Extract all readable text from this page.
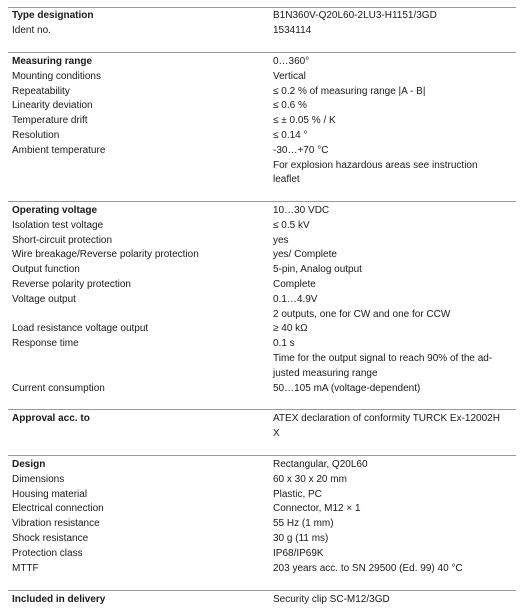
Type designation	B1N360V-Q20L60-2LU3-H1151/3GD
Ident no.	1534114
Measuring range	0…360°
Mounting conditions	Vertical
Repeatability	≤ 0.2 % of measuring range |A - B|
Linearity deviation	≤ 0.6 %
Temperature drift	≤ ± 0.05 % / K
Resolution	≤ 0.14 °
Ambient temperature	-30…+70 °C
For explosion hazardous areas see instruction
leaflet
Operating voltage	10…30 VDC
Isolation test voltage	≤ 0.5 kV
Short-circuit protection	yes
Wire breakage/Reverse polarity protection	yes/ Complete
Output function	5-pin, Analog output
Reverse polarity protection	Complete
Voltage output	0.1…4.9V
2 outputs, one for CW and one for CCW
Load resistance voltage output	≥ 40 kΩ
Response time	0.1 s
Time for the output signal to reach 90% of the ad-
justed measuring range
Current consumption	50…105 mA (voltage-dependent)
Approval acc. to	ATEX declaration of conformity TURCK Ex-12002H
X
Design	Rectangular, Q20L60
Dimensions	60 x 30 x 20 mm
Housing material	Plastic, PC
Electrical connection	Connector, M12 × 1
Vibration resistance	55 Hz (1 mm)
Shock resistance	30 g (11 ms)
Protection class	IP68/IP69K
MTTF	203 years acc. to SN 29500 (Ed. 99) 40 °C
Included in delivery	Security clip SC-M12/3GD
